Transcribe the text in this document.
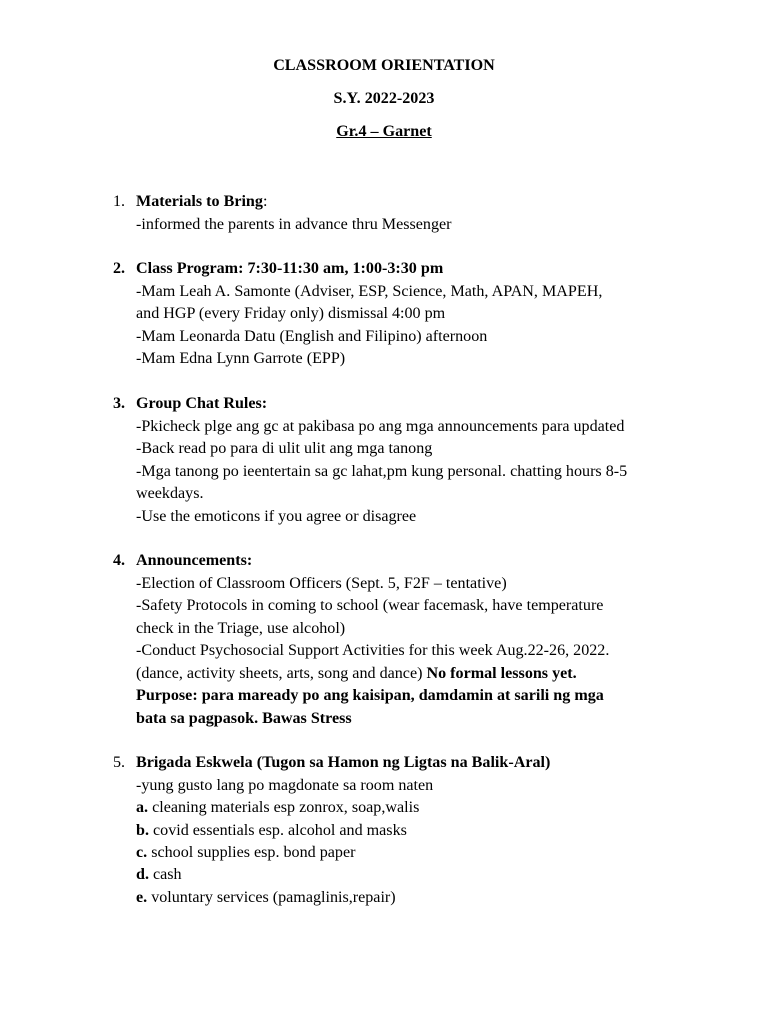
CLASSROOM ORIENTATION
S.Y. 2022-2023
Gr.4 – Garnet
1. Materials to Bring:
-informed the parents in advance thru Messenger
2. Class Program: 7:30-11:30 am, 1:00-3:30 pm
-Mam Leah A. Samonte (Adviser, ESP, Science, Math, APAN, MAPEH,
and HGP (every Friday only) dismissal 4:00 pm
-Mam Leonarda Datu (English and Filipino) afternoon
-Mam Edna Lynn Garrote (EPP)
3. Group Chat Rules:
-Pkicheck plge ang gc at pakibasa po ang mga announcements para updated
-Back read po para di ulit ulit ang mga tanong
-Mga tanong po ieentertain sa gc lahat,pm kung personal. chatting hours 8-5
weekdays.
-Use the emoticons if you agree or disagree
4. Announcements:
-Election of Classroom Officers (Sept. 5, F2F – tentative)
-Safety Protocols in coming to school (wear facemask, have temperature
check in the Triage, use alcohol)
-Conduct Psychosocial Support Activities for this week Aug.22-26, 2022.
(dance, activity sheets, arts, song and dance) No formal lessons yet.
Purpose: para maready po ang kaisipan, damdamin at sarili ng mga
bata sa pagpasok. Bawas Stress
5. Brigada Eskwela (Tugon sa Hamon ng Ligtas na Balik-Aral)
-yung gusto lang po magdonate sa room naten
a. cleaning materials esp zonrox, soap,walis
b. covid essentials esp. alcohol and masks
c. school supplies esp. bond paper
d. cash
e. voluntary services (pamaglinis,repair)
